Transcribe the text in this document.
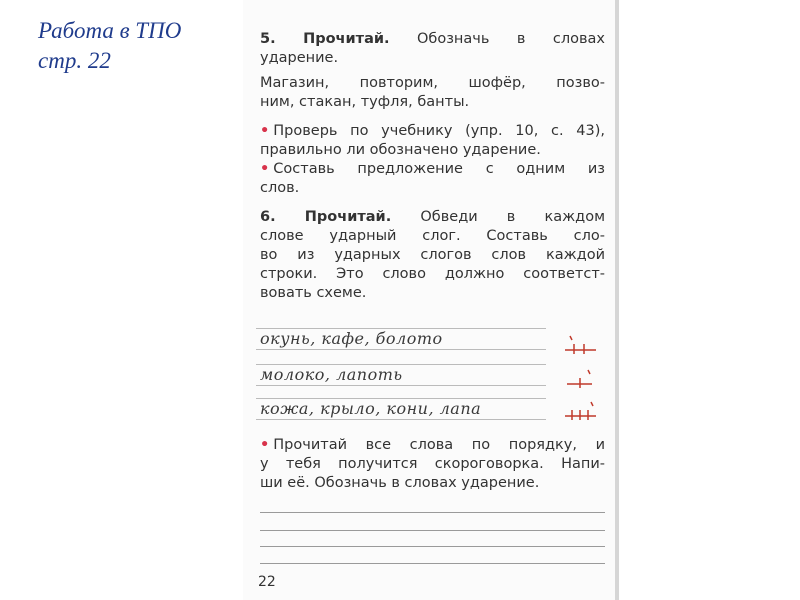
Работа в ТПО
стр. 22

5. Прочитай. Обозначь в словах

ударение.

Магазин, повторим, шофёр, позво-

ним, стакан, туфля, банты.

• Проверь по учебнику (упр. 10, с. 43),

правильно ли обозначено ударение.

• Составь предложение с одним из

слов.

6. Прочитай. Обведи в каждом

слове ударный слог. Составь сло-

во из ударных слогов слов каждой

строки. Это слово должно соответст-

вовать схеме.

окунь, кафе, болото
молоко, лапоть
кожа, крыло, кони, лапа

• Прочитай все слова по порядку, и

у тебя получится скороговорка. Напи-

ши её. Обозначь в словах ударение.

22
